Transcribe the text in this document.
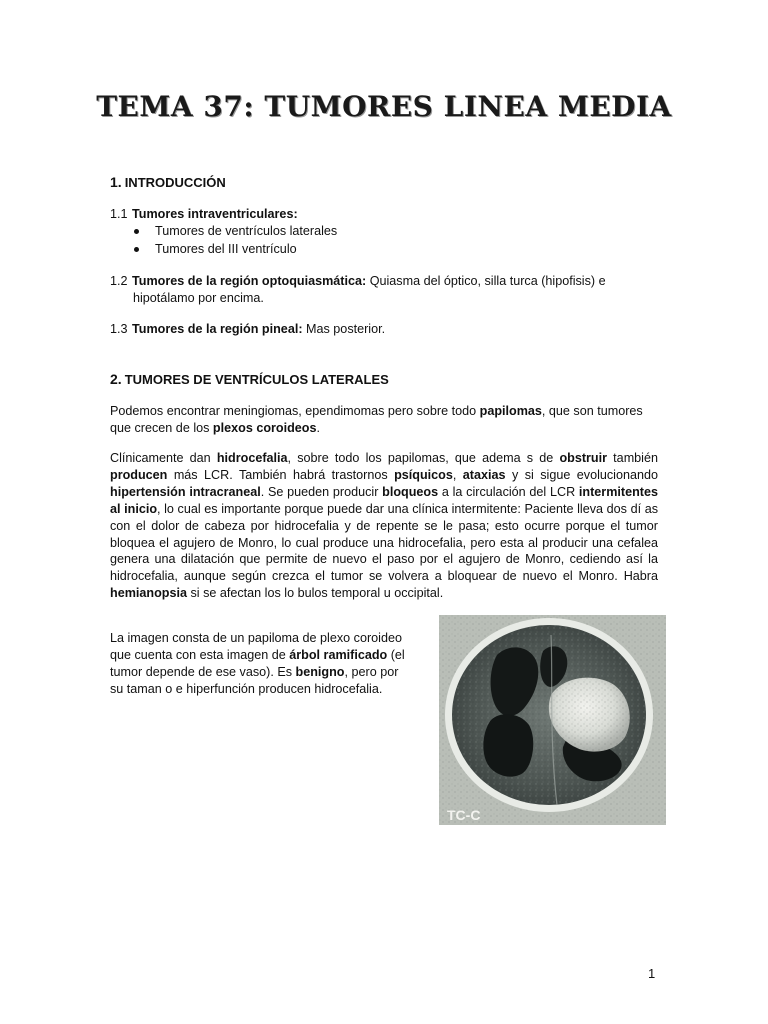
TEMA 37: TUMORES LINEA MEDIA
1. INTRODUCCIÓN
1.1 Tumores intraventriculares:
Tumores de ventrículos laterales
Tumores del III ventrículo
1.2 Tumores de la región optoquiasmática: Quiasma del óptico, silla turca (hipofisis) e
hipotálamo por encima.
1.3 Tumores de la región pineal: Mas posterior.
2. TUMORES DE VENTRÍCULOS LATERALES
Podemos encontrar meningiomas, ependimomas pero sobre todo papilomas, que son tumores que crecen de los plexos coroideos.
Clínicamente dan hidrocefalia, sobre todo los papilomas, que adema s de obstruir también producen más LCR. También habrá trastornos psíquicos, ataxias y si sigue evolucionando hipertensión intracraneal. Se pueden producir bloqueos a la circulación del LCR intermitentes al inicio, lo cual es importante porque puede dar una clínica intermitente: Paciente lleva dos dí as con el dolor de cabeza por hidrocefalia y de repente se le pasa; esto ocurre porque el tumor bloquea el agujero de Monro, lo cual produce una hidrocefalia, pero esta al producir una cefalea genera una dilatación que permite de nuevo el paso por el agujero de Monro, cediendo así la hidrocefalia, aunque según crezca el tumor se volvera a bloquear de nuevo el Monro. Habra hemianopsia si se afectan los lo bulos temporal u occipital.
La imagen consta de un papiloma de plexo coroideo que cuenta con esta imagen de árbol ramificado (el tumor depende de ese vaso). Es benigno, pero por su taman o e hiperfunción producen hidrocefalia.
TC-C
1
